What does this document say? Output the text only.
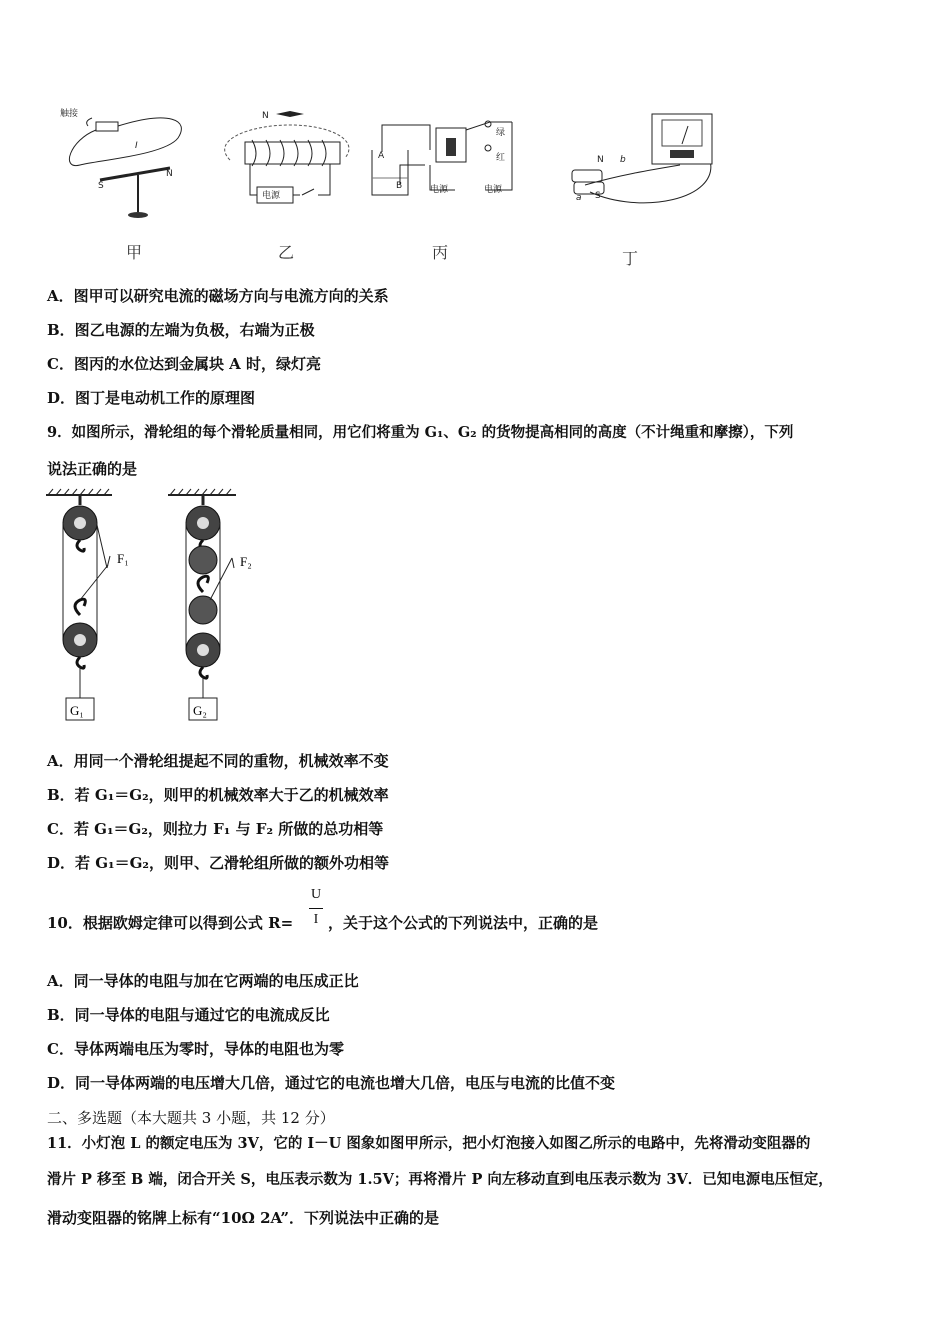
触接
I
S
N
N
电源
A
B
绿
红
电源	电源
N
S
a
b
甲	乙	丙	丁
A．图甲可以研究电流的磁场方向与电流方向的关系
B．图乙电源的左端为负极，右端为正极
C．图丙的水位达到金属块 A 时，绿灯亮
D．图丁是电动机工作的原理图
9．如图所示，滑轮组的每个滑轮质量相同，用它们将重为 G₁、G₂ 的货物提高相同的高度（不计绳重和摩擦），下列
说法正确的是
G₁
F₁
G₂
F₂
A．用同一个滑轮组提起不同的重物，机械效率不变
B．若 G₁＝G₂，则甲的机械效率大于乙的机械效率
C．若 G₁＝G₂，则拉力 F₁ 与 F₂ 所做的总功相等
D．若 G₁＝G₂，则甲、乙滑轮组所做的额外功相等
10．根据欧姆定律可以得到公式 R=
U
I ，关于这个公式的下列说法中，正确的是
A．同一导体的电阻与加在它两端的电压成正比
B．同一导体的电阻与通过它的电流成反比
C．导体两端电压为零时，导体的电阻也为零
D．同一导体两端的电压增大几倍，通过它的电流也增大几倍，电压与电流的比值不变
二、多选题（本大题共 3 小题，共 12 分）
11．小灯泡 L 的额定电压为 3V，它的 I－U 图象如图甲所示，把小灯泡接入如图乙所示的电路中，先将滑动变阻器的
滑片 P 移至 B 端，闭合开关 S，电压表示数为 1.5V；再将滑片 P 向左移动直到电压表示数为 3V．已知电源电压恒定，
滑动变阻器的铭牌上标有“10Ω 2A”．下列说法中正确的是
